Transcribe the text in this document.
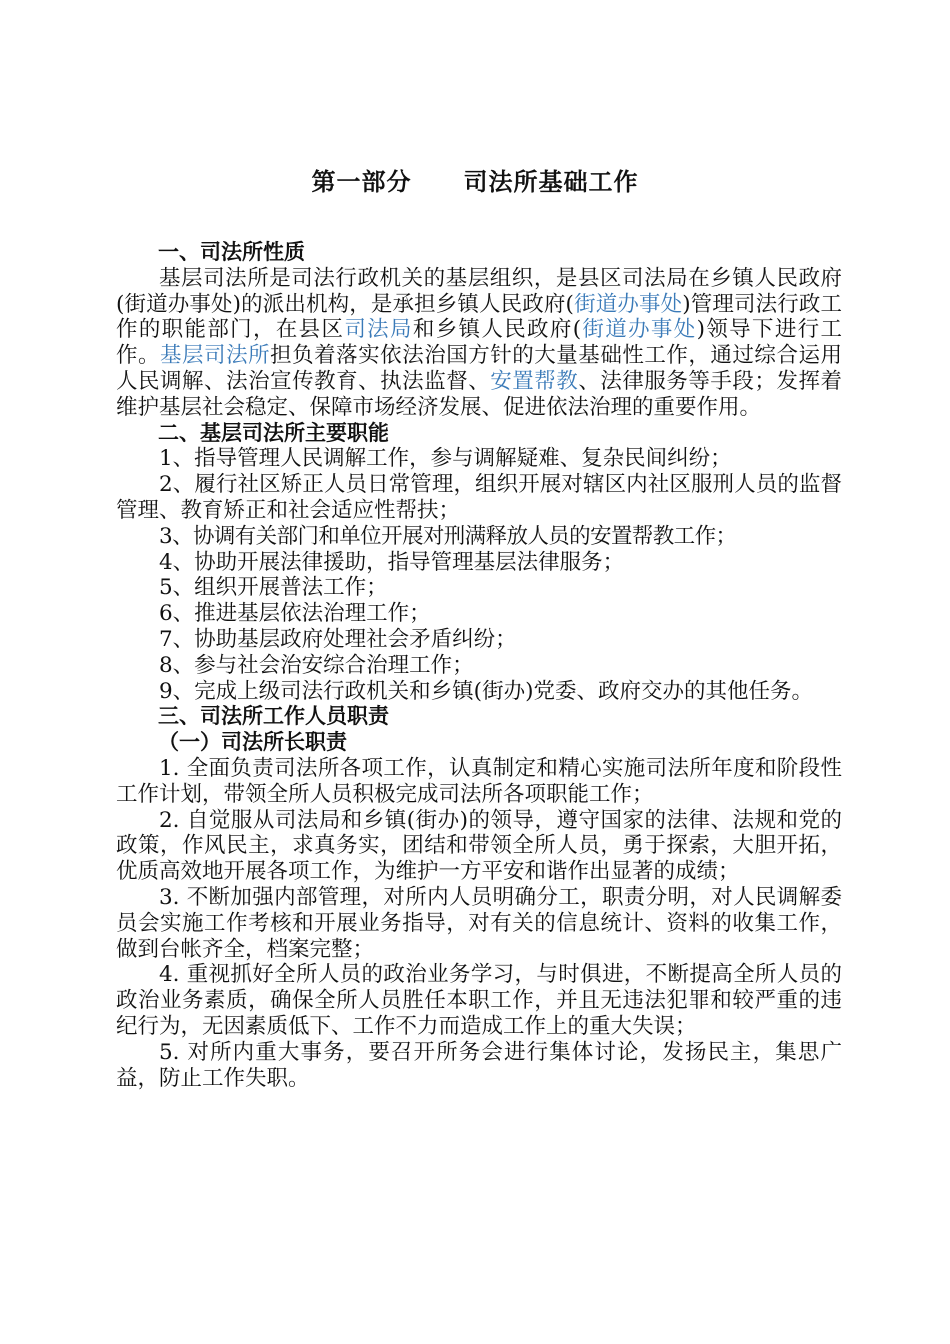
第一部分 司法所基础工作

一、司法所性质

基层司法所是司法行政机关的基层组织，是县区司法局在乡镇人民政府(街道办事处)的派出机构，是承担乡镇人民政府(街道办事处)管理司法行政工作的职能部门，在县区司法局和乡镇人民政府(街道办事处)领导下进行工作。基层司法所担负着落实依法治国方针的大量基础性工作，通过综合运用人民调解、法治宣传教育、执法监督、安置帮教、法律服务等手段；发挥着维护基层社会稳定、保障市场经济发展、促进依法治理的重要作用。

二、基层司法所主要职能

1、指导管理人民调解工作，参与调解疑难、复杂民间纠纷；

2、履行社区矫正人员日常管理，组织开展对辖区内社区服刑人员的监督管理、教育矫正和社会适应性帮扶；

3、协调有关部门和单位开展对刑满释放人员的安置帮教工作；

4、协助开展法律援助，指导管理基层法律服务；

5、组织开展普法工作；

6、推进基层依法治理工作；

7、协助基层政府处理社会矛盾纠纷；

8、参与社会治安综合治理工作；

9、完成上级司法行政机关和乡镇(街办)党委、政府交办的其他任务。

三、司法所工作人员职责

（一）司法所长职责

1. 全面负责司法所各项工作，认真制定和精心实施司法所年度和阶段性工作计划，带领全所人员积极完成司法所各项职能工作；

2. 自觉服从司法局和乡镇(街办)的领导，遵守国家的法律、法规和党的政策，作风民主，求真务实，团结和带领全所人员，勇于探索，大胆开拓，优质高效地开展各项工作，为维护一方平安和谐作出显著的成绩；

3. 不断加强内部管理，对所内人员明确分工，职责分明，对人民调解委员会实施工作考核和开展业务指导，对有关的信息统计、资料的收集工作，做到台帐齐全，档案完整；

4. 重视抓好全所人员的政治业务学习，与时俱进，不断提高全所人员的政治业务素质，确保全所人员胜任本职工作，并且无违法犯罪和较严重的违纪行为，无因素质低下、工作不力而造成工作上的重大失误；

5. 对所内重大事务，要召开所务会进行集体讨论，发扬民主，集思广益，防止工作失职。
